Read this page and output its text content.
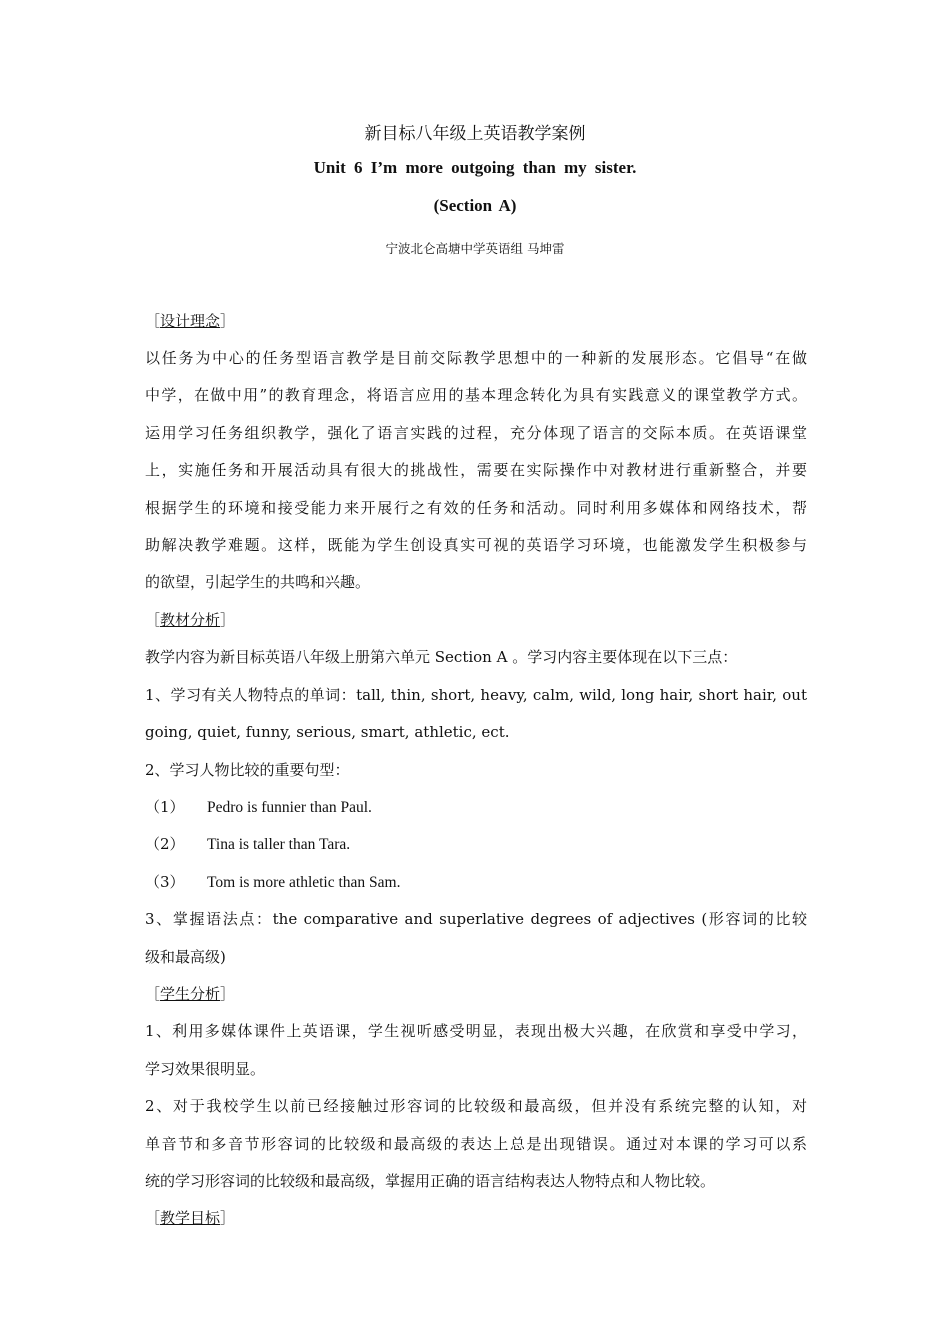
新目标八年级上英语教学案例
Unit 6 I’m more outgoing than my sister.
(Section A)
宁波北仑高塘中学英语组 马坤雷
［设计理念］
以任务为中心的任务型语言教学是目前交际教学思想中的一种新的发展形态。它倡导“在做
中学，在做中用”的教育理念，将语言应用的基本理念转化为具有实践意义的课堂教学方式。
运用学习任务组织教学，强化了语言实践的过程，充分体现了语言的交际本质。在英语课堂
上，实施任务和开展活动具有很大的挑战性，需要在实际操作中对教材进行重新整合，并要
根据学生的环境和接受能力来开展行之有效的任务和活动。同时利用多媒体和网络技术，帮
助解决教学难题。这样，既能为学生创设真实可视的英语学习环境，也能激发学生积极参与
的欲望，引起学生的共鸣和兴趣。
［教材分析］
教学内容为新目标英语八年级上册第六单元 Section A 。学习内容主要体现在以下三点：
1、学习有关人物特点的单词：tall, thin, short, heavy, calm, wild, long hair, short hair, out
going, quiet, funny, serious, smart, athletic, ect.
2、学习人物比较的重要句型：
（1） Pedro is funnier than Paul.
（2） Tina is taller than Tara.
（3） Tom is more athletic than Sam.
3、掌握语法点：the comparative and superlative degrees of adjectives (形容词的比较
级和最高级)
［学生分析］
1、利用多媒体课件上英语课，学生视听感受明显，表现出极大兴趣，在欣赏和享受中学习，
学习效果很明显。
2、对于我校学生以前已经接触过形容词的比较级和最高级，但并没有系统完整的认知，对
单音节和多音节形容词的比较级和最高级的表达上总是出现错误。通过对本课的学习可以系
统的学习形容词的比较级和最高级，掌握用正确的语言结构表达人物特点和人物比较。
［教学目标］
